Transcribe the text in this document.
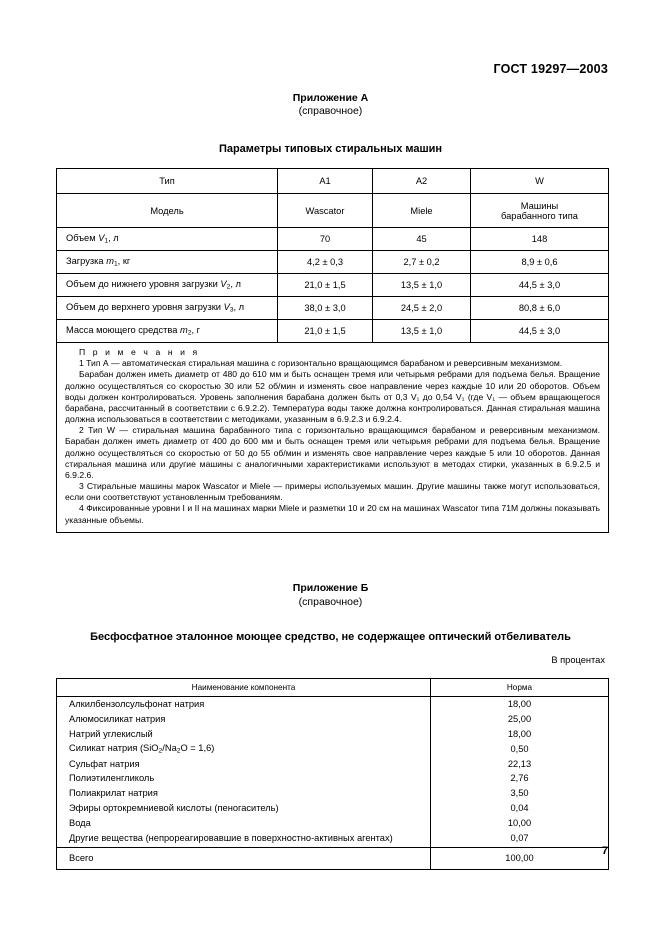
ГОСТ 19297—2003
Приложение А
(справочное)
Параметры типовых стиральных машин
Тип	A1	A2	W
Модель	Wascator	Miele	Машины
барабанного типа
Объем $V_1$, л	70	45	148
Загрузка $m_1$, кг	4,2 ± 0,3	2,7 ± 0,2	8,9 ± 0,6
Объем до нижнего уровня загрузки $V_2$, л	21,0 ± 1,5	13,5 ± 1,0	44,5 ± 3,0
Объем до верхнего уровня загрузки $V_3$, л	38,0 ± 3,0	24,5 ± 2,0	80,8 ± 6,0
Масса моющего средства $m_2$, г	21,0 ± 1,5	13,5 ± 1,0	44,5 ± 3,0

П р и м е ч а н и я

1 Тип А — автоматическая стиральная машина с горизонтально вращающимся барабаном и реверсивным механизмом.

Барабан должен иметь диаметр от 480 до 610 мм и быть оснащен тремя или четырьмя ребрами для подъема белья. Вращение должно осуществляться со скоростью 30 или 52 об/мин и изменять свое направление через каждые 10 или 20 оборотов. Объем воды должен контролироваться. Уровень заполнения барабана должен быть от 0,3 V₁ до 0,54 V₁ (где V₁ — объем вращающегося барабана, рассчитанный в соответствии с 6.9.2.2). Температура воды также должна контролироваться. Данная стиральная машина должна использоваться в соответствии с методиками, указанным в 6.9.2.3 и 6.9.2.4.

2 Тип W — стиральная машина барабанного типа с горизонтально вращающимся барабаном и реверсивным механизмом. Барабан должен иметь диаметр от 400 до 600 мм и быть оснащен тремя или четырьмя ребрами для подъема белья. Вращение должно осуществляться со скоростью от 50 до 55 об/мин и изменять свое направление через каждые 5 или 10 оборотов. Данная стиральная машина или другие машины с аналогичными характеристиками используют в методах стирки, указанных в 6.9.2.5 и 6.9.2.6.

3 Стиральные машины марок Wascator и Miele — примеры используемых машин. Другие машины также могут использоваться, если они соответствуют установленным требованиям.

4 Фиксированные уровни I и II на машинах марки Miele и разметки 10 и 20 см на машинах Wascator типа 71М должны показывать указанные объемы.

Приложение Б
(справочное)
Бесфосфатное эталонное моющее средство, не содержащее оптический отбеливатель
В процентах
Наименование компонента	Норма
Алкилбензолсульфонат натрия	18,00
Алюмосиликат натрия	25,00
Натрий углекислый	18,00
Силикат натрия $(SiO_2/Na_2O = 1,6)$	0,50
Сульфат натрия	22,13
Полиэтиленгликоль	2,76
Полиакрилат натрия	3,50
Эфиры ортокремниевой кислоты (пеногаситель)	0,04
Вода	10,00
Другие вещества (непрореагировавшие в поверхностно-активных агентах)	0,07
Всего	100,00
7
